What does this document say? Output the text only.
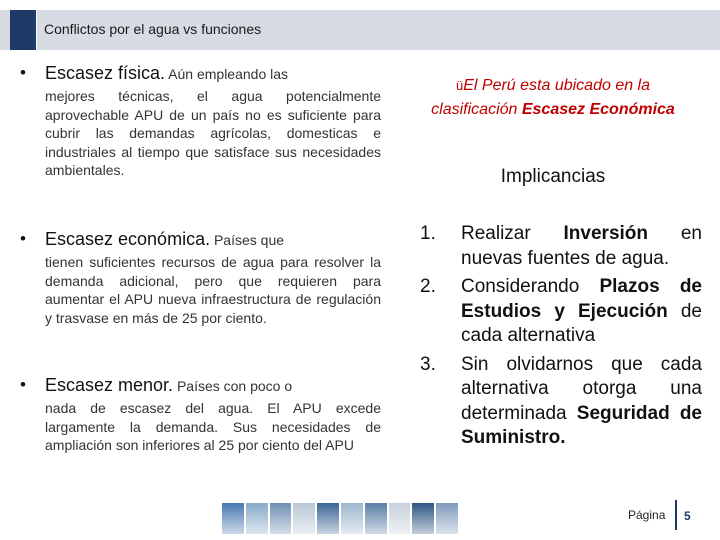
Conflictos por el agua vs funciones
• Escasez física. Aún empleando las
mejores técnicas, el agua potencialmente aprovechable APU de un país no es suficiente para cubrir las demandas agrícolas, domesticas e industriales al tiempo que satisface sus necesidades ambientales.
• Escasez económica. Países que
tienen suficientes recursos de agua para resolver la demanda adicional, pero que requieren para aumentar el APU nueva infraestructura de regulación y trasvase en más de 25 por ciento.
• Escasez menor. Países con poco o
nada de escasez del agua. El APU excede largamente la demanda. Sus necesidades de ampliación son inferiores al 25 por ciento del APU
üEl Perú esta ubicado en la
clasificación Escasez Económica
Implicancias
1. Realizar Inversión en nuevas fuentes de agua.
2. Considerando Plazos de Estudios y Ejecución de cada alternativa
3. Sin olvidarnos que cada alternativa otorga una determinada Seguridad de Suministro.
Página 5
